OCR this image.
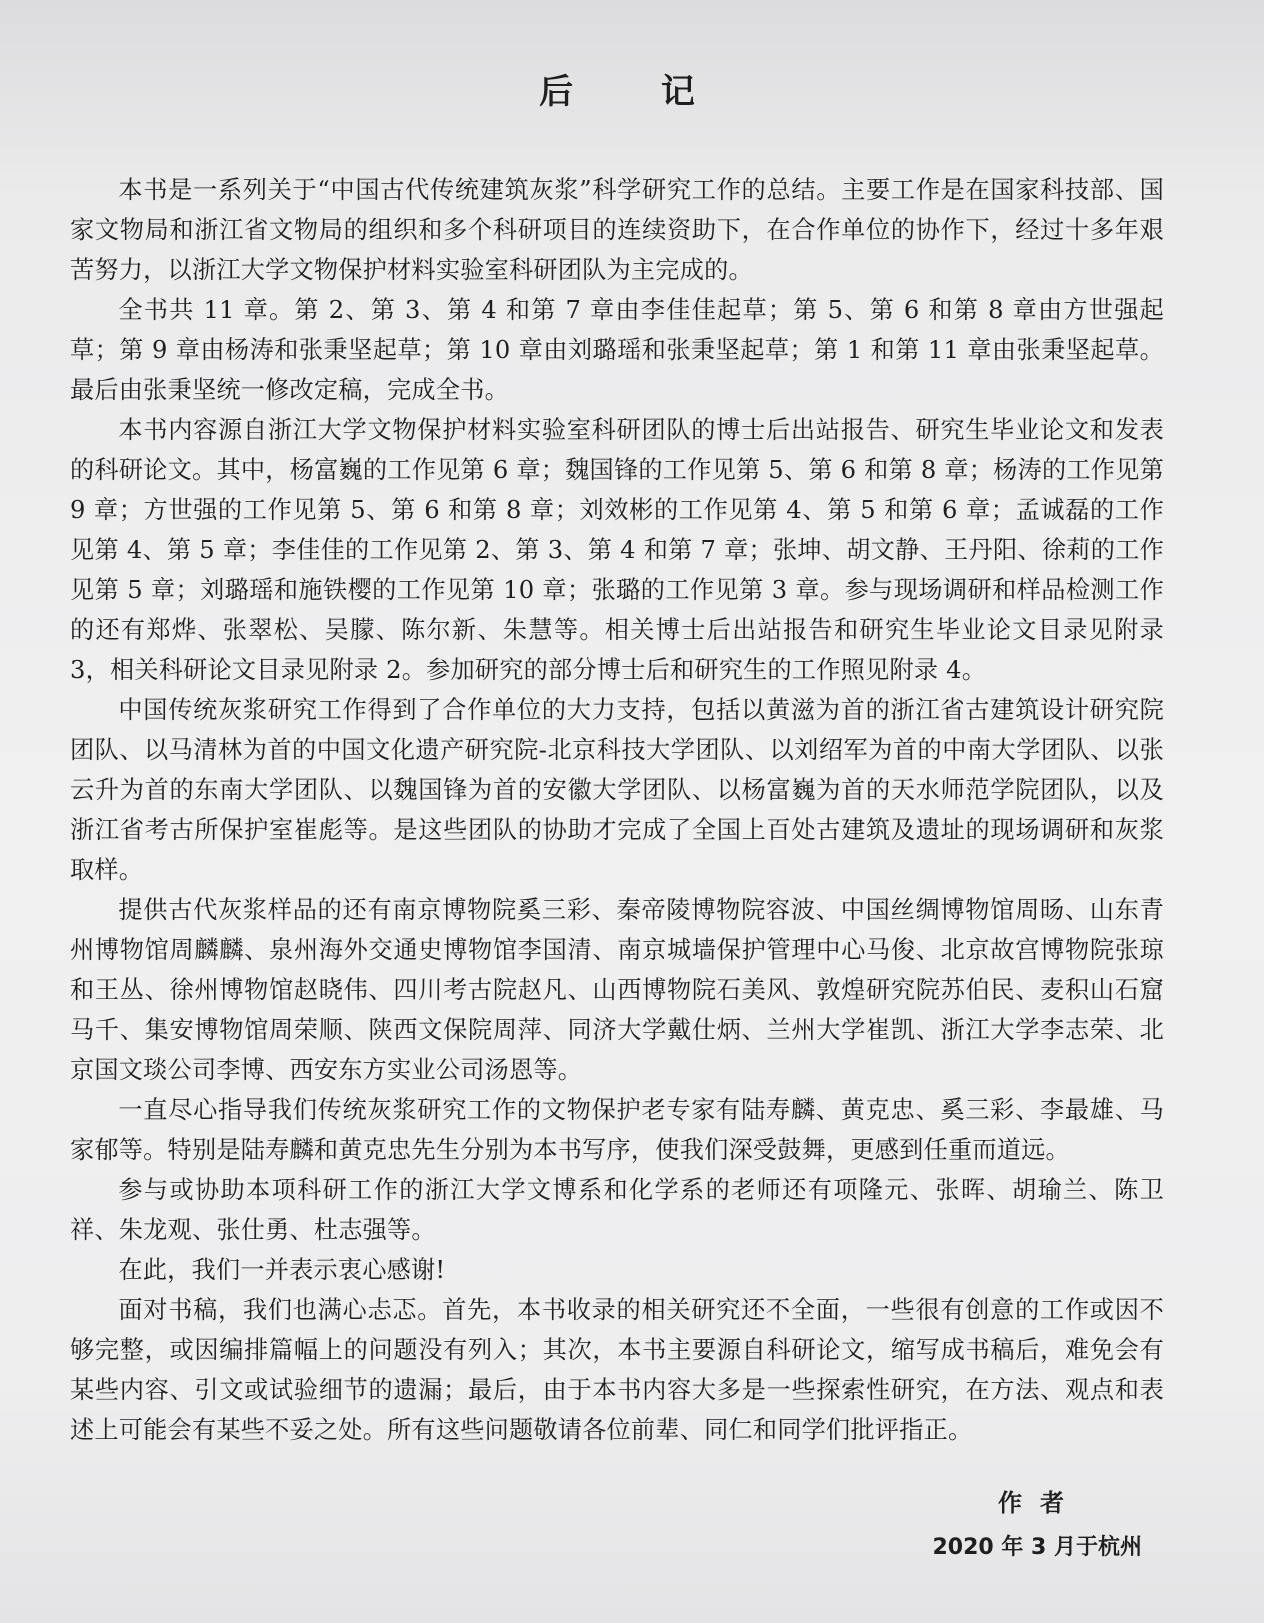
后 记

本书是一系列关于“中国古代传统建筑灰浆”科学研究工作的总结。主要工作是在国家科技部、国家文物局和浙江省文物局的组织和多个科研项目的连续资助下，在合作单位的协作下，经过十多年艰苦努力，以浙江大学文物保护材料实验室科研团队为主完成的。

全书共 11 章。第 2、第 3、第 4 和第 7 章由李佳佳起草；第 5、第 6 和第 8 章由方世强起草；第 9 章由杨涛和张秉坚起草；第 10 章由刘璐瑶和张秉坚起草；第 1 和第 11 章由张秉坚起草。最后由张秉坚统一修改定稿，完成全书。

本书内容源自浙江大学文物保护材料实验室科研团队的博士后出站报告、研究生毕业论文和发表的科研论文。其中，杨富巍的工作见第 6 章；魏国锋的工作见第 5、第 6 和第 8 章；杨涛的工作见第 9 章；方世强的工作见第 5、第 6 和第 8 章；刘效彬的工作见第 4、第 5 和第 6 章；孟诚磊的工作见第 4、第 5 章；李佳佳的工作见第 2、第 3、第 4 和第 7 章；张坤、胡文静、王丹阳、徐莉的工作见第 5 章；刘璐瑶和施铁樱的工作见第 10 章；张璐的工作见第 3 章。参与现场调研和样品检测工作的还有郑烨、张翠松、吴朦、陈尔新、朱慧等。相关博士后出站报告和研究生毕业论文目录见附录 3，相关科研论文目录见附录 2。参加研究的部分博士后和研究生的工作照见附录 4。

中国传统灰浆研究工作得到了合作单位的大力支持，包括以黄滋为首的浙江省古建筑设计研究院团队、以马清林为首的中国文化遗产研究院-北京科技大学团队、以刘绍军为首的中南大学团队、以张云升为首的东南大学团队、以魏国锋为首的安徽大学团队、以杨富巍为首的天水师范学院团队，以及浙江省考古所保护室崔彪等。是这些团队的协助才完成了全国上百处古建筑及遗址的现场调研和灰浆取样。

提供古代灰浆样品的还有南京博物院奚三彩、秦帝陵博物院容波、中国丝绸博物馆周旸、山东青州博物馆周麟麟、泉州海外交通史博物馆李国清、南京城墙保护管理中心马俊、北京故宫博物院张琼和王丛、徐州博物馆赵晓伟、四川考古院赵凡、山西博物院石美风、敦煌研究院苏伯民、麦积山石窟马千、集安博物馆周荣顺、陕西文保院周萍、同济大学戴仕炳、兰州大学崔凯、浙江大学李志荣、北京国文琰公司李博、西安东方实业公司汤恩等。

一直尽心指导我们传统灰浆研究工作的文物保护老专家有陆寿麟、黄克忠、奚三彩、李最雄、马家郁等。特别是陆寿麟和黄克忠先生分别为本书写序，使我们深受鼓舞，更感到任重而道远。

参与或协助本项科研工作的浙江大学文博系和化学系的老师还有项隆元、张晖、胡瑜兰、陈卫祥、朱龙观、张仕勇、杜志强等。

在此，我们一并表示衷心感谢!

面对书稿，我们也满心忐忑。首先，本书收录的相关研究还不全面，一些很有创意的工作或因不够完整，或因编排篇幅上的问题没有列入；其次，本书主要源自科研论文，缩写成书稿后，难免会有某些内容、引文或试验细节的遗漏；最后，由于本书内容大多是一些探索性研究，在方法、观点和表述上可能会有某些不妥之处。所有这些问题敬请各位前辈、同仁和同学们批评指正。

作者
2020 年 3 月于杭州
